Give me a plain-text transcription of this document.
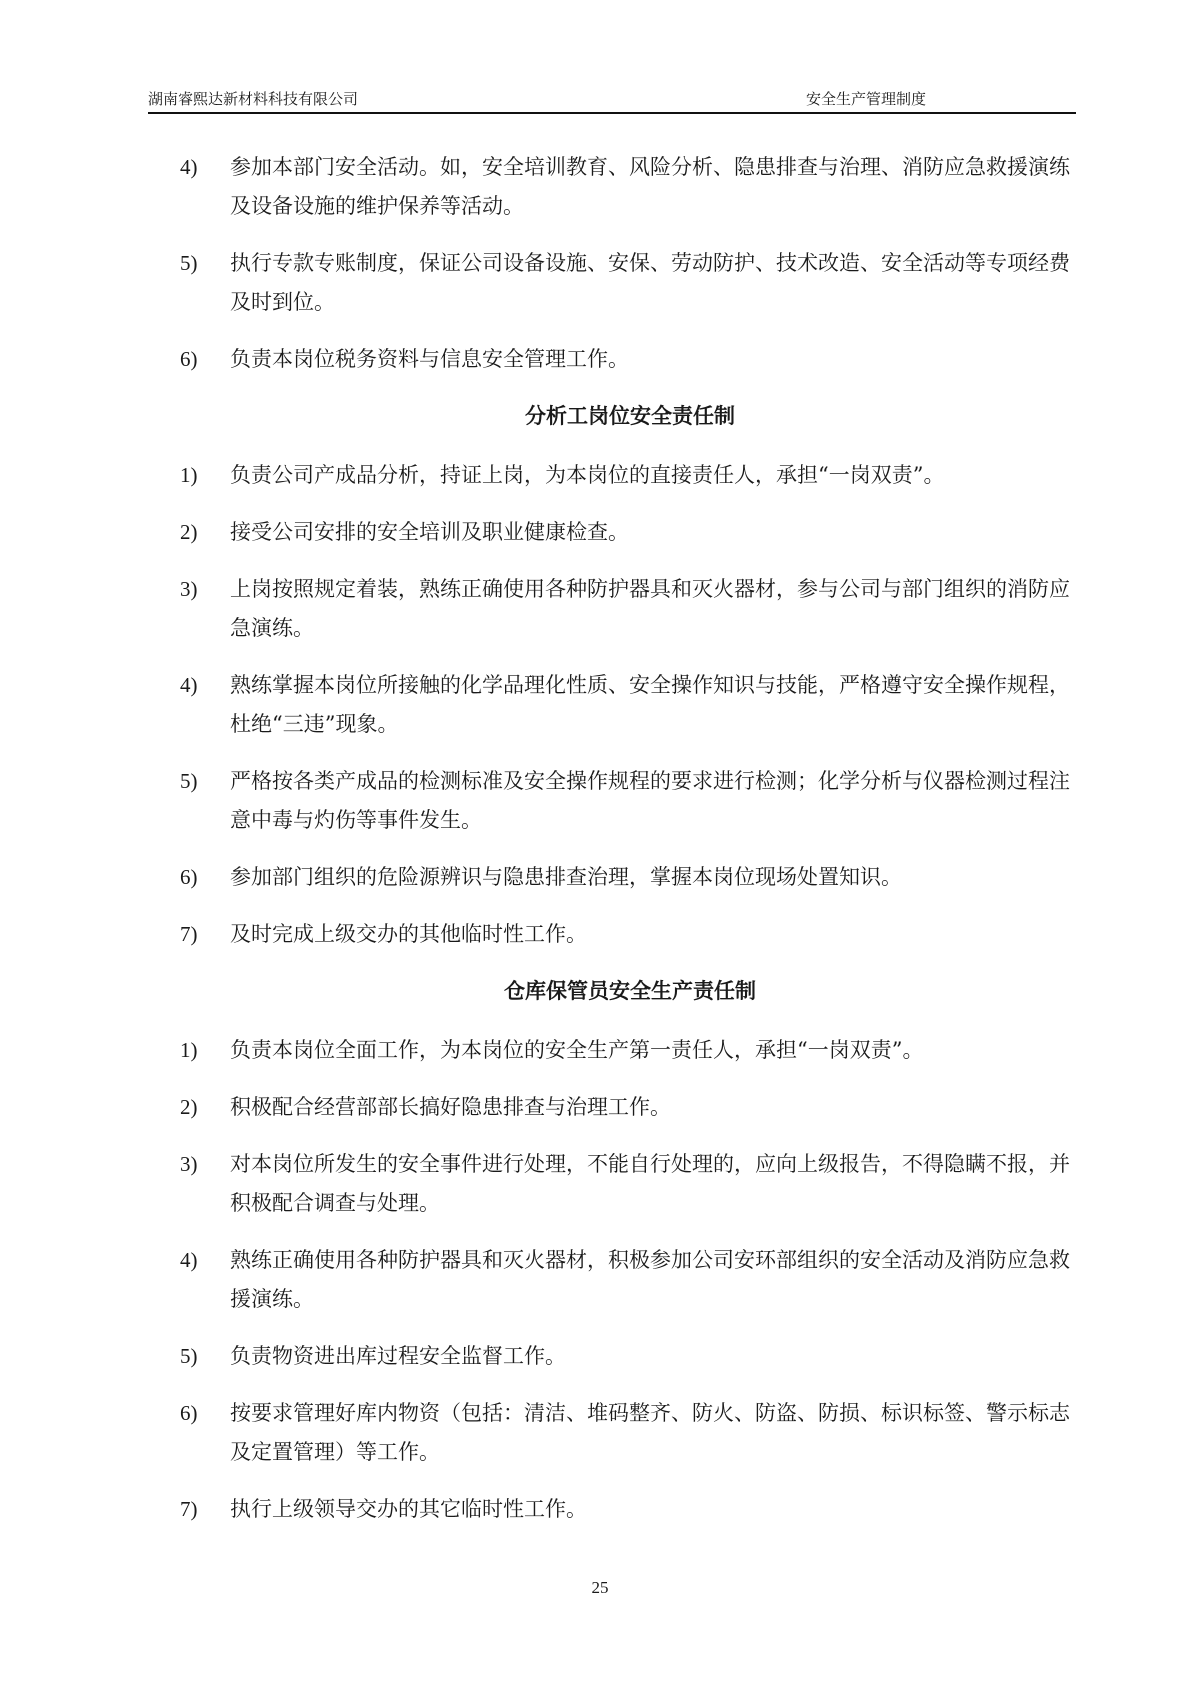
湖南睿熙达新材料科技有限公司	安全生产管理制度
4) 参加本部门安全活动。如，安全培训教育、风险分析、隐患排查与治理、消防应急救援演练及设备设施的维护保养等活动。
5) 执行专款专账制度，保证公司设备设施、安保、劳动防护、技术改造、安全活动等专项经费及时到位。
6) 负责本岗位税务资料与信息安全管理工作。
分析工岗位安全责任制
1) 负责公司产成品分析，持证上岗，为本岗位的直接责任人，承担“一岗双责”。
2) 接受公司安排的安全培训及职业健康检查。
3) 上岗按照规定着装，熟练正确使用各种防护器具和灭火器材，参与公司与部门组织的消防应急演练。
4) 熟练掌握本岗位所接触的化学品理化性质、安全操作知识与技能，严格遵守安全操作规程，杜绝“三违”现象。
5) 严格按各类产成品的检测标准及安全操作规程的要求进行检测；化学分析与仪器检测过程注意中毒与灼伤等事件发生。
6) 参加部门组织的危险源辨识与隐患排查治理，掌握本岗位现场处置知识。
7) 及时完成上级交办的其他临时性工作。
仓库保管员安全生产责任制
1) 负责本岗位全面工作，为本岗位的安全生产第一责任人，承担“一岗双责”。
2) 积极配合经营部部长搞好隐患排查与治理工作。
3) 对本岗位所发生的安全事件进行处理，不能自行处理的，应向上级报告，不得隐瞒不报，并积极配合调查与处理。
4) 熟练正确使用各种防护器具和灭火器材，积极参加公司安环部组织的安全活动及消防应急救援演练。
5) 负责物资进出库过程安全监督工作。
6) 按要求管理好库内物资（包括：清洁、堆码整齐、防火、防盗、防损、标识标签、警示标志及定置管理）等工作。
7) 执行上级领导交办的其它临时性工作。
25
